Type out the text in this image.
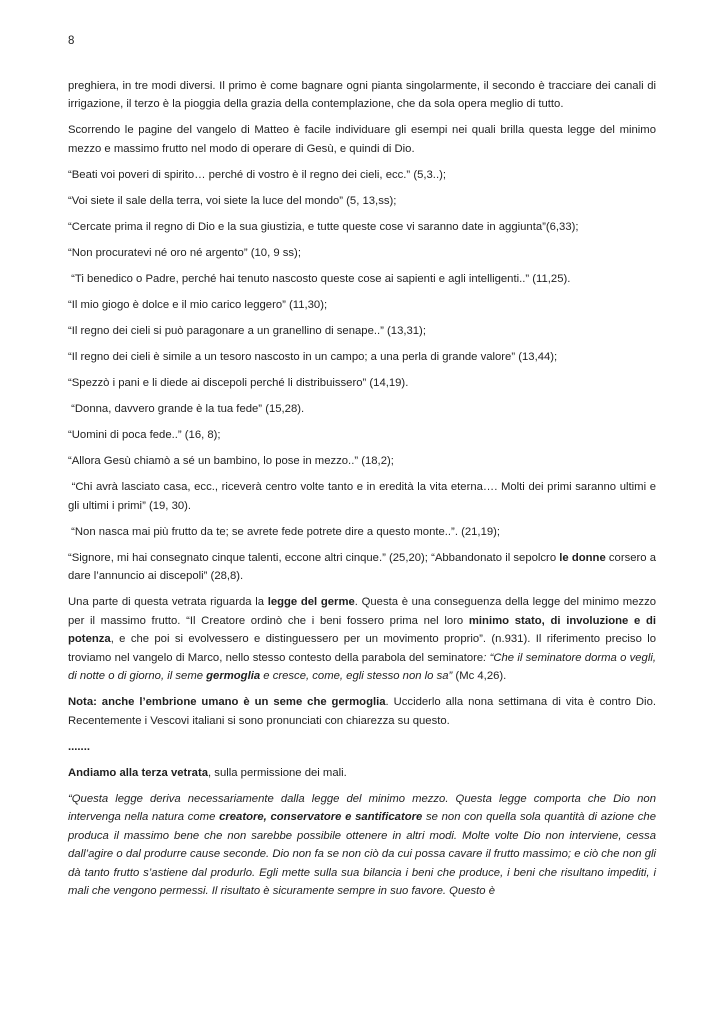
8

preghiera, in tre modi diversi. Il primo è come bagnare ogni pianta singolarmente, il secondo è tracciare dei canali di irrigazione, il terzo è la pioggia della grazia della contemplazione, che da sola opera meglio di tutto.

Scorrendo le pagine del vangelo di Matteo è facile individuare gli esempi nei quali brilla questa legge del minimo mezzo e massimo frutto nel modo di operare di Gesù, e quindi di Dio.

“Beati voi poveri di spirito… perché di vostro è il regno dei cieli, ecc.” (5,3..);

“Voi siete il sale della terra, voi siete la luce del mondo” (5, 13,ss);

“Cercate prima il regno di Dio e la sua giustizia, e tutte queste cose vi saranno date in aggiunta”(6,33);

“Non procuratevi né oro né argento” (10, 9 ss);

“Ti benedico o Padre, perché hai tenuto nascosto queste cose ai sapienti e agli intelligenti..” (11,25).

“Il mio giogo è dolce e il mio carico leggero” (11,30);

“Il regno dei cieli si può paragonare a un granellino di senape..” (13,31);

“Il regno dei cieli è simile a un tesoro nascosto in un campo; a una perla di grande valore” (13,44);

“Spezzò i pani e li diede ai discepoli perché li distribuissero” (14,19).

“Donna, davvero grande è la tua fede” (15,28).

“Uomini di poca fede..” (16, 8);

“Allora Gesù chiamò a sé un bambino, lo pose in mezzo..” (18,2);

“Chi avrà lasciato casa, ecc., riceverà centro volte tanto e in eredità la vita eterna…. Molti dei primi saranno ultimi e gli ultimi i primi” (19, 30).

“Non nasca mai più frutto da te; se avrete fede potrete dire a questo monte..”. (21,19);

“Signore, mi hai consegnato cinque talenti, eccone altri cinque.” (25,20); “Abbandonato il sepolcro le donne corsero a dare l’annuncio ai discepoli” (28,8).

Una parte di questa vetrata riguarda la legge del germe. Questa è una conseguenza della legge del minimo mezzo per il massimo frutto. “Il Creatore ordinò che i beni fossero prima nel loro minimo stato, di involuzione e di potenza, e che poi si evolvessero e distinguessero per un movimento proprio”. (n.931). Il riferimento preciso lo troviamo nel vangelo di Marco, nello stesso contesto della parabola del seminatore: “Che il seminatore dorma o vegli, di notte o di giorno, il seme germoglia e cresce, come, egli stesso non lo sa” (Mc 4,26).

Nota: anche l’embrione umano è un seme che germoglia. Ucciderlo alla nona settimana di vita è contro Dio. Recentemente i Vescovi italiani si sono pronunciati con chiarezza su questo.

.......

Andiamo alla terza vetrata, sulla permissione dei mali.

“Questa legge deriva necessariamente dalla legge del minimo mezzo. Questa legge comporta che Dio non intervenga nella natura come creatore, conservatore e santificatore se non con quella sola quantità di azione che produca il massimo bene che non sarebbe possibile ottenere in altri modi. Molte volte Dio non interviene, cessa dall’agire o dal produrre cause seconde. Dio non fa se non ciò da cui possa cavare il frutto massimo; e ciò che non gli dà tanto frutto s’astiene dal produrlo. Egli mette sulla sua bilancia i beni che produce, i beni che risultano impediti, i mali che vengono permessi. Il risultato è sicuramente sempre in suo favore. Questo è
